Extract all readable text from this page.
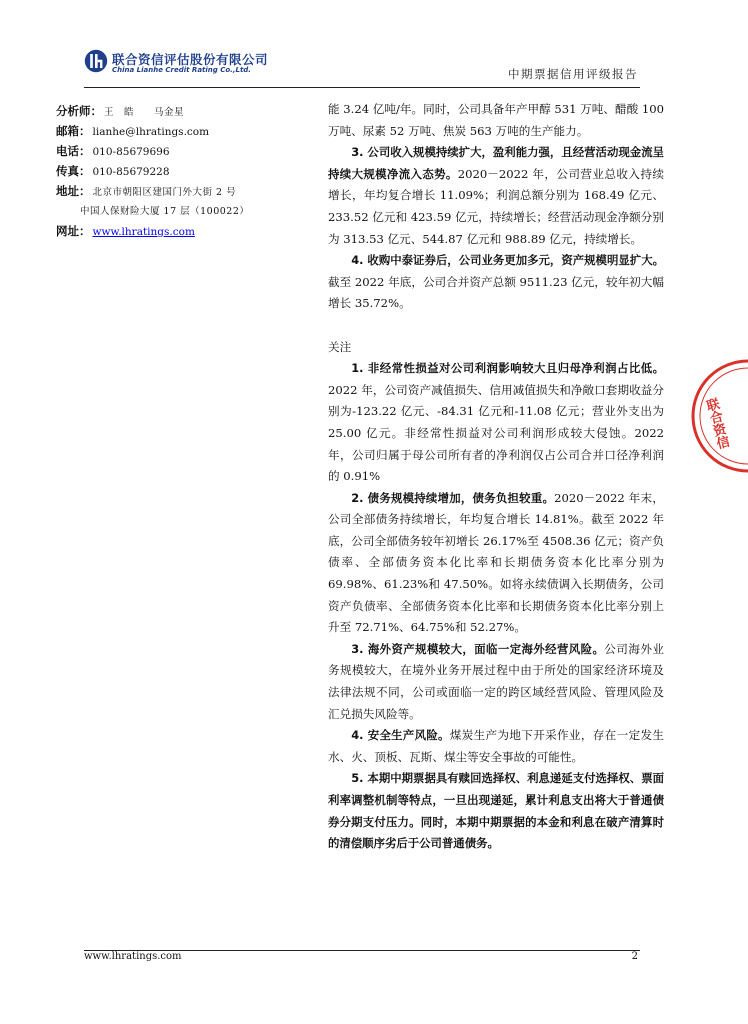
联合资信评估股份有限公司
China Lianhe Credit Rating Co.,Ltd.	中期票据信用评级报告
分析师： 王　皓　　马金星
邮箱： lianhe@lhratings.com
电话： 010-85679696
传真： 010-85679228
地址： 北京市朝阳区建国门外大街 2 号
中国人保财险大厦 17 层（100022）
网址： www.lhratings.com

能 3.24 亿吨/年。同时，公司具备年产甲醇 531 万吨、醋酸 100 万吨、尿素 52 万吨、焦炭 563 万吨的生产能力。

3. 公司收入规模持续扩大，盈利能力强，且经营活动现金流呈持续大规模净流入态势。2020－2022 年，公司营业总收入持续增长，年均复合增长 11.09%；利润总额分别为 168.49 亿元、233.52 亿元和 423.59 亿元，持续增长；经营活动现金净额分别为 313.53 亿元、544.87 亿元和 988.89 亿元，持续增长。

4. 收购中泰证券后，公司业务更加多元，资产规模明显扩大。截至 2022 年底，公司合并资产总额 9511.23 亿元，较年初大幅增长 35.72%。

关注

1. 非经常性损益对公司利润影响较大且归母净利润占比低。2022 年，公司资产减值损失、信用减值损失和净敞口套期收益分别为-123.22 亿元、-84.31 亿元和-11.08 亿元；营业外支出为 25.00 亿元。非经常性损益对公司利润形成较大侵蚀。2022 年，公司归属于母公司所有者的净利润仅占公司合并口径净利润的 0.91%

2. 债务规模持续增加，债务负担较重。2020－2022 年末，公司全部债务持续增长，年均复合增长 14.81%。截至 2022 年底，公司全部债务较年初增长 26.17%至 4508.36 亿元；资产负债率、全部债务资本化比率和长期债务资本化比率分别为 69.98%、61.23%和 47.50%。如将永续债调入长期债务，公司资产负债率、全部债务资本化比率和长期债务资本化比率分别上升至 72.71%、64.75%和 52.27%。

3. 海外资产规模较大，面临一定海外经营风险。公司海外业务规模较大，在境外业务开展过程中由于所处的国家经济环境及法律法规不同，公司或面临一定的跨区域经营风险、管理风险及汇兑损失风险等。

4. 安全生产风险。煤炭生产为地下开采作业，存在一定发生水、火、顶板、瓦斯、煤尘等安全事故的可能性。

5. 本期中期票据具有赎回选择权、利息递延支付选择权、票面利率调整机制等特点，一旦出现递延，累计利息支出将大于普通债券分期支付压力。同时，本期中期票据的本金和利息在破产清算时的清偿顺序劣后于公司普通债务。

联合资信
www.lhratings.com	2
